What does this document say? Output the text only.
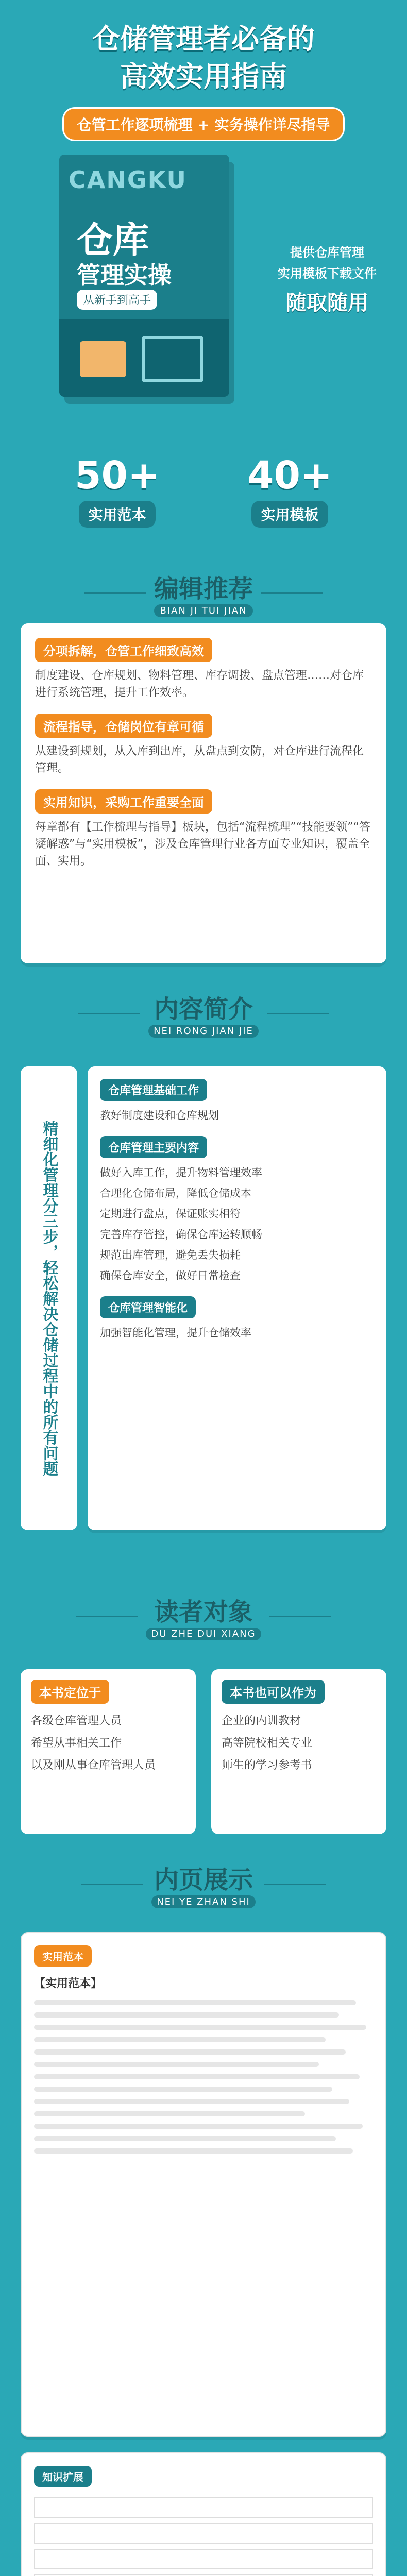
仓储管理者必备的
高效实用指南
仓管工作逐项梳理 + 实务操作详尽指导
CANGKU
仓库
管理实操
从新手到高手
提供仓库管理
实用模板下载文件
随取随用
50+
实用范本
40+
实用模板
编辑推荐
BIAN JI TUI JIAN
分项拆解，仓管工作细致高效
制度建设、仓库规划、物料管理、库存调拨、盘点管理……对仓库进行系统管理，提升工作效率。
流程指导，仓储岗位有章可循
从建设到规划，从入库到出库，从盘点到安防，对仓库进行流程化管理。
实用知识，采购工作重要全面
每章都有【工作梳理与指导】板块，包括“流程梳理”“技能要领”“答疑解惑”与“实用模板”，涉及仓库管理行业各方面专业知识，覆盖全面、实用。
内容简介
NEI RONG JIAN JIE
精细化管理分三步，轻松解决仓储过程中的所有问题
仓库管理基础工作
教好制度建设和仓库规划
仓库管理主要内容
做好入库工作，提升物料管理效率
合理化仓储布局，降低仓储成本
定期进行盘点，保证账实相符
完善库存管控，确保仓库运转顺畅
规范出库管理，避免丢失损耗
确保仓库安全，做好日常检查
仓库管理智能化
加强智能化管理，提升仓储效率
读者对象
DU ZHE DUI XIANG
本书定位于
各级仓库管理人员
希望从事相关工作
以及刚从事仓库管理人员
本书也可以作为
企业的内训教材
高等院校相关专业
师生的学习参考书
内页展示
NEI YE ZHAN SHI
实用范本
【实用范本】
知识扩展
